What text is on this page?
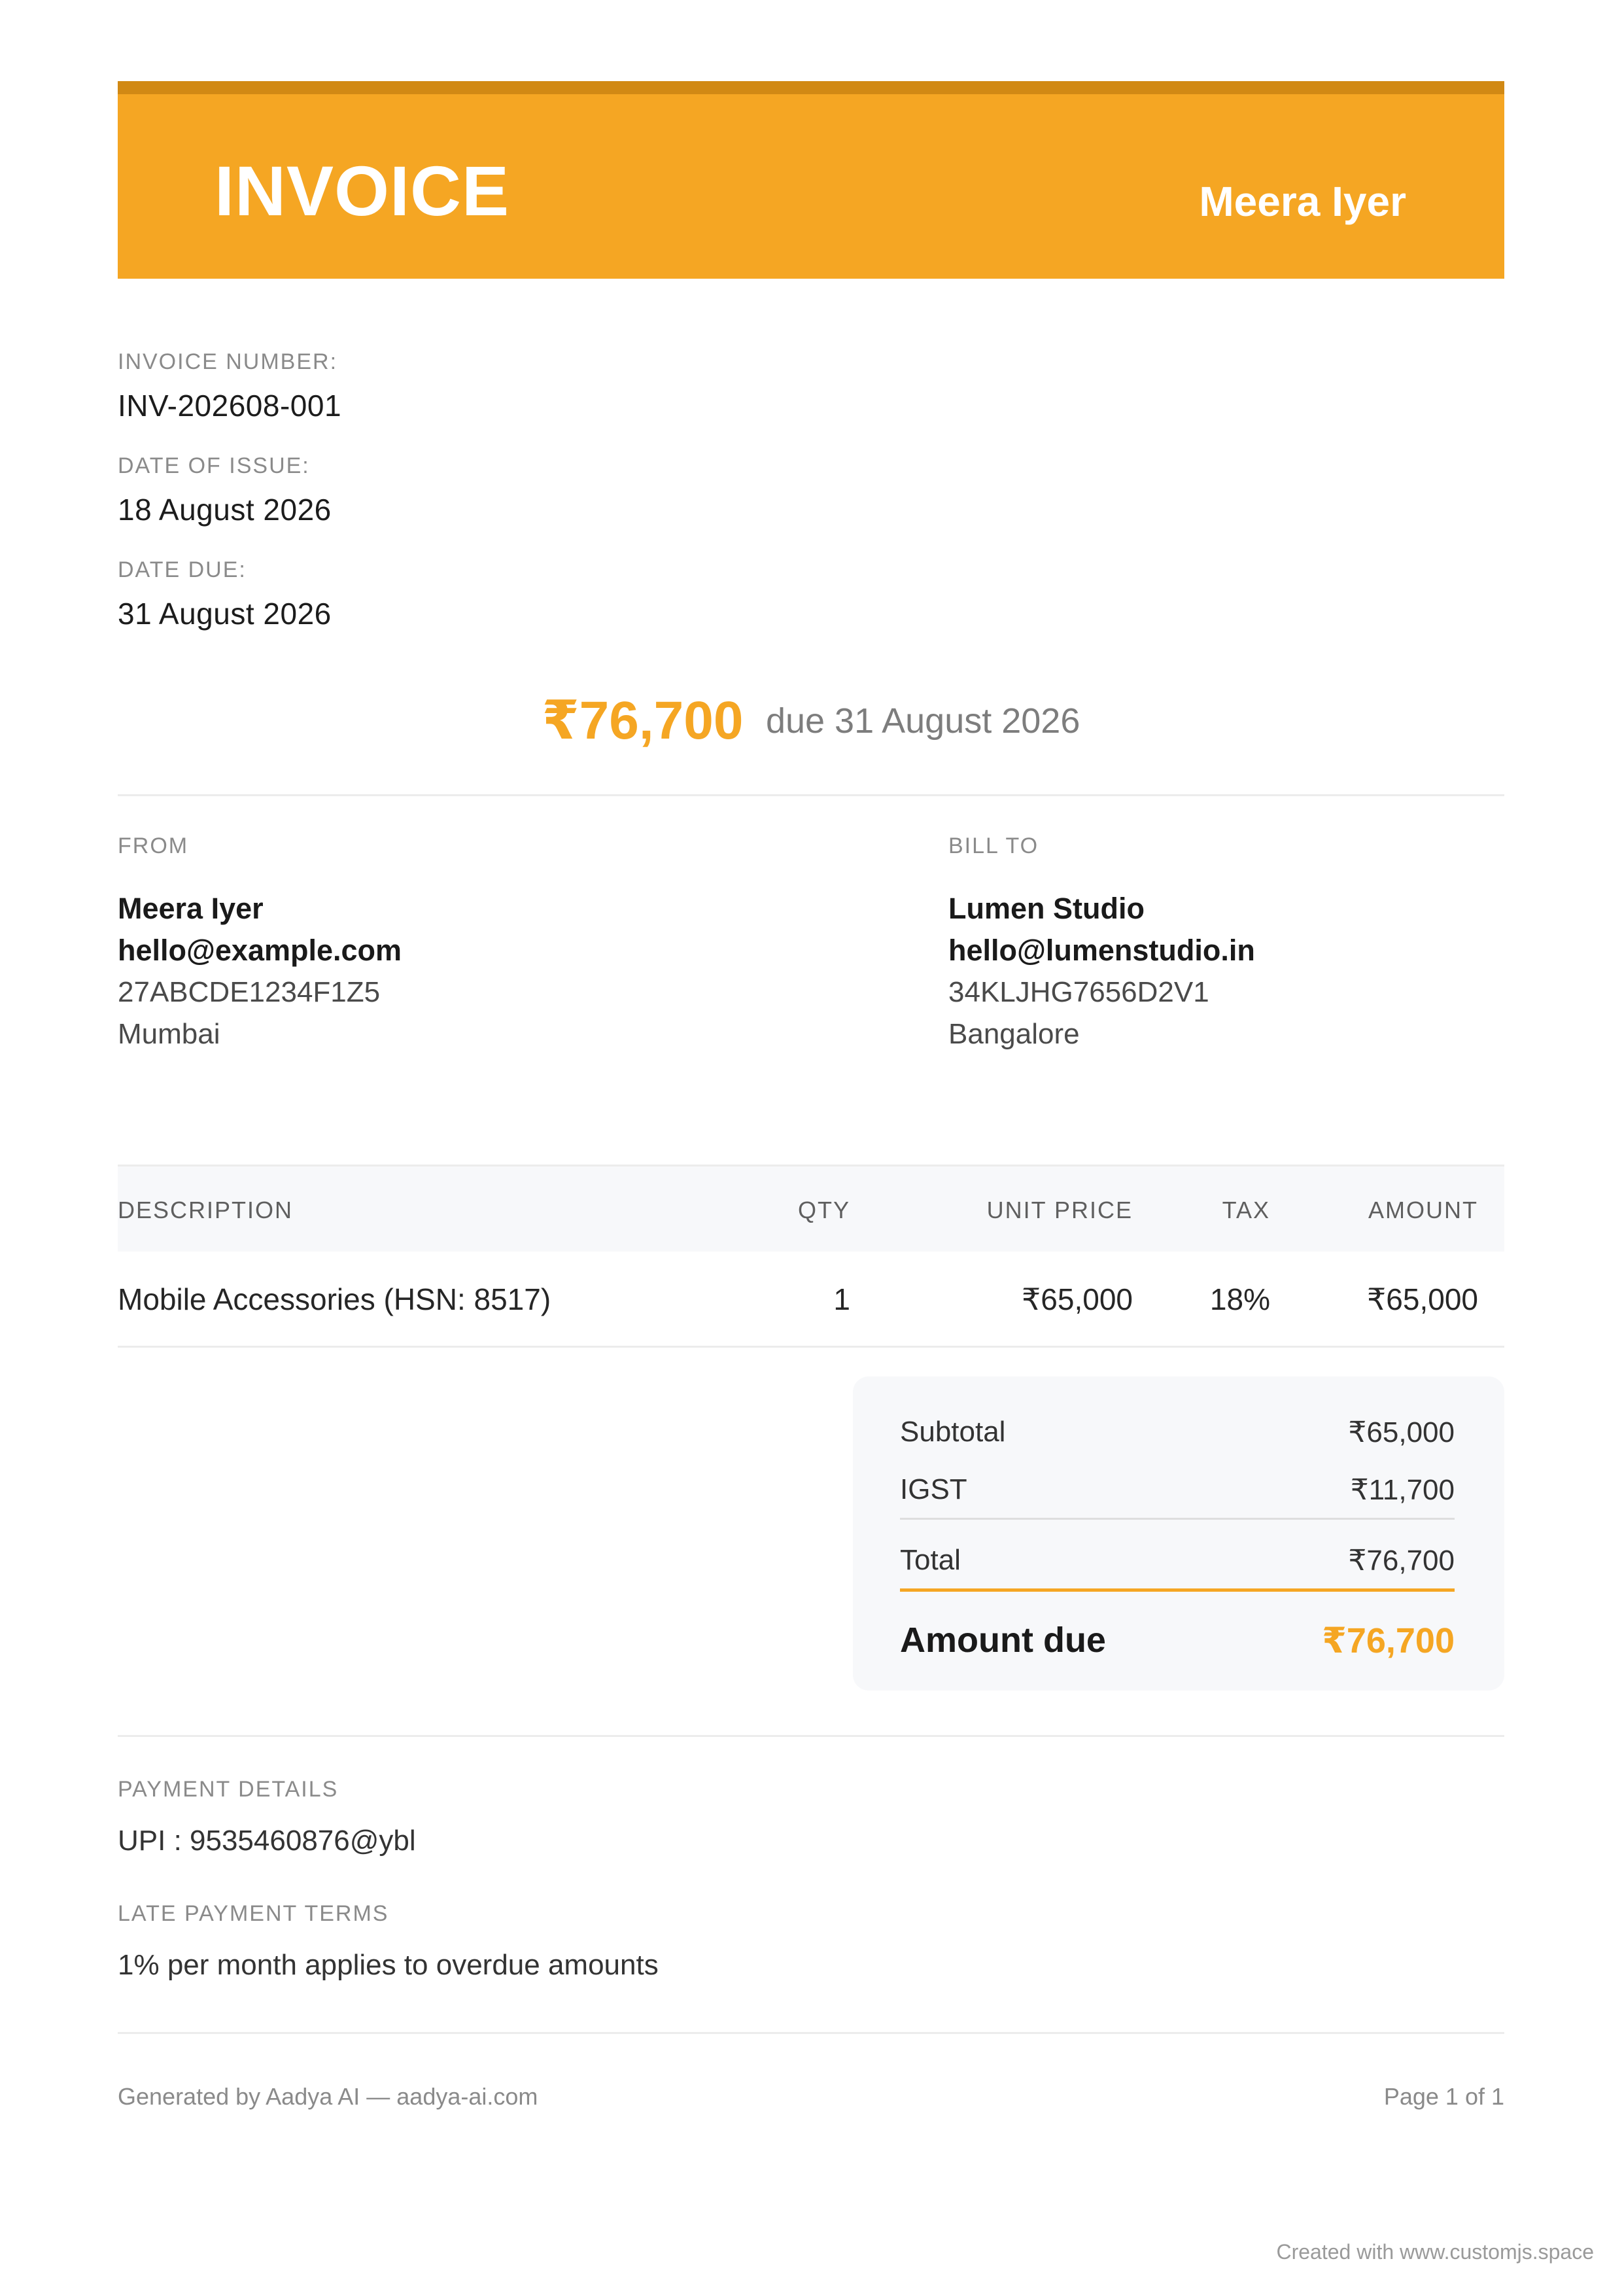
INVOICE	Meera Iyer
INVOICE NUMBER:
INV-202608-001
DATE OF ISSUE:
18 August 2026
DATE DUE:
31 August 2026
₹76,700 due 31 August 2026
FROM
Meera Iyer
hello@example.com
27ABCDE1234F1Z5
Mumbai
BILL TO
Lumen Studio
hello@lumenstudio.in
34KLJHG7656D2V1
Bangalore
DESCRIPTION	QTY	UNIT PRICE	TAX	AMOUNT
Mobile Accessories (HSN: 8517)	1	₹65,000	18%	₹65,000
Subtotal	₹65,000
IGST	₹11,700
Total	₹76,700
Amount due	₹76,700
PAYMENT DETAILS
UPI : 9535460876@ybl
LATE PAYMENT TERMS
1% per month applies to overdue amounts
Generated by Aadya AI — aadya-ai.com	Page 1 of 1
Created with www.customjs.space
